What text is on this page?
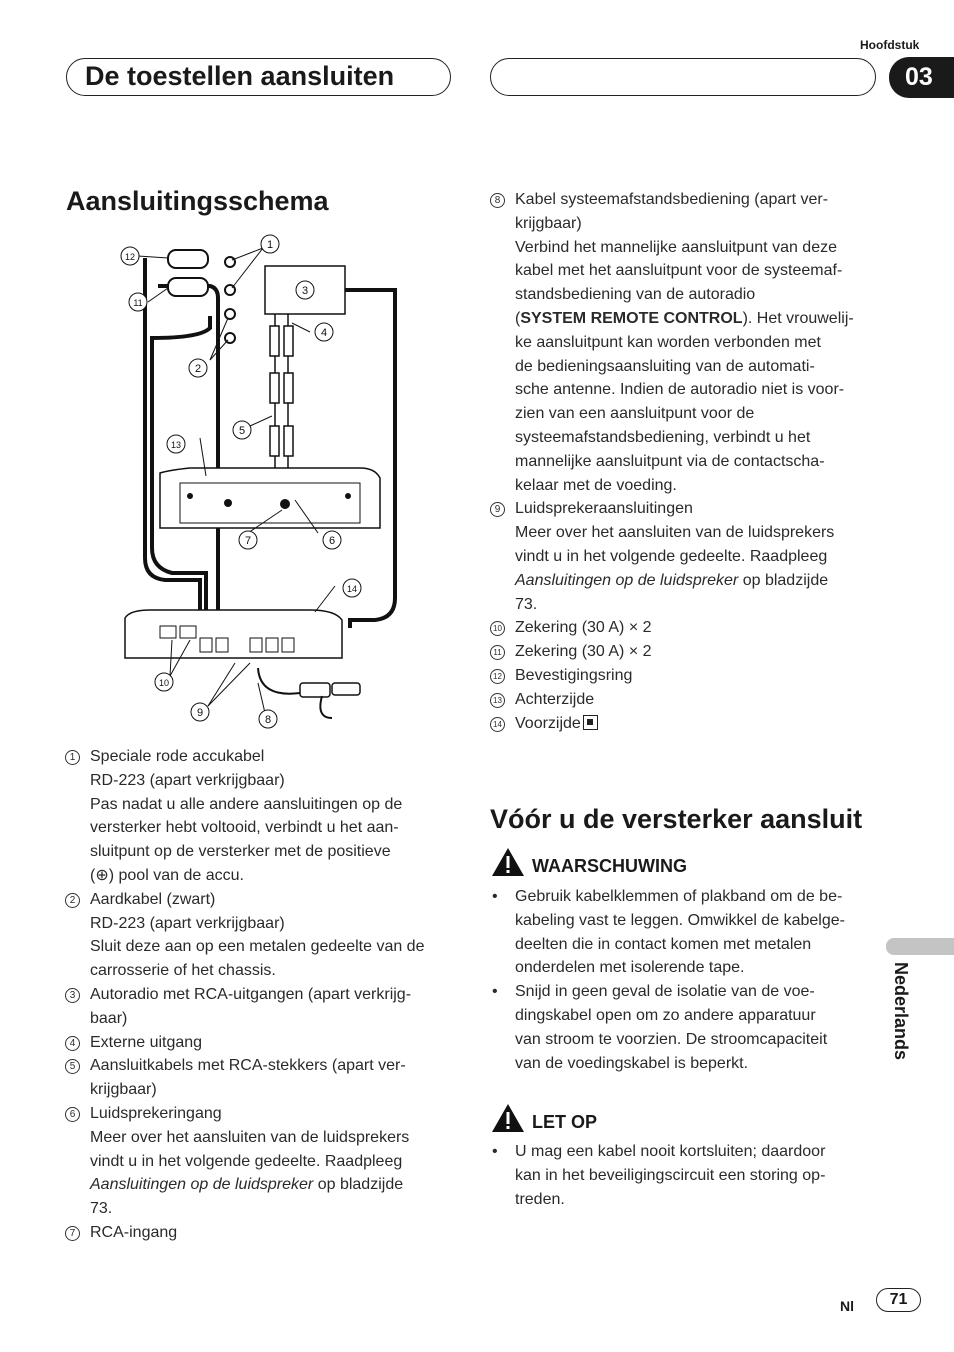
Hoofdstuk
De toestellen aansluiten	03
Aansluitingsschema
1
2
3
4
5
6
7
8
9
10
11
12
13
14
1 Speciale rode accukabel
RD-223 (apart verkrijgbaar)
Pas nadat u alle andere aansluitingen op de
versterker hebt voltooid, verbindt u het aan-
sluitpunt op de versterker met de positieve
(⊕) pool van de accu.
2 Aardkabel (zwart)
RD-223 (apart verkrijgbaar)
Sluit deze aan op een metalen gedeelte van de
carrosserie of het chassis.
3 Autoradio met RCA-uitgangen (apart verkrijg-
baar)
4 Externe uitgang
5 Aansluitkabels met RCA-stekkers (apart ver-
krijgbaar)
6 Luidsprekeringang
Meer over het aansluiten van de luidsprekers
vindt u in het volgende gedeelte. Raadpleeg
Aansluitingen op de luidspreker op bladzijde
73.
7 RCA-ingang
8 Kabel systeemafstandsbediening (apart ver-
krijgbaar)
Verbind het mannelijke aansluitpunt van deze
kabel met het aansluitpunt voor de systeemaf-
standsbediening van de autoradio
(SYSTEM REMOTE CONTROL). Het vrouwelij-
ke aansluitpunt kan worden verbonden met
de bedieningsaansluiting van de automati-
sche antenne. Indien de autoradio niet is voor-
zien van een aansluitpunt voor de
systeemafstandsbediening, verbindt u het
mannelijke aansluitpunt via de contactscha-
kelaar met de voeding.
9 Luidsprekeraansluitingen
Meer over het aansluiten van de luidsprekers
vindt u in het volgende gedeelte. Raadpleeg
Aansluitingen op de luidspreker op bladzijde
73.
10 Zekering (30 A) × 2
11 Zekering (30 A) × 2
12 Bevestigingsring
13 Achterzijde
14 Voorzijde
Vóór u de versterker aansluit
WAARSCHUWING
• Gebruik kabelklemmen of plakband om de be-
kabeling vast te leggen. Omwikkel de kabelge-
deelten die in contact komen met metalen
onderdelen met isolerende tape.
• Snijd in geen geval de isolatie van de voe-
dingskabel open om zo andere apparatuur
van stroom te voorzien. De stroomcapaciteit
van de voedingskabel is beperkt.
LET OP
• U mag een kabel nooit kortsluiten; daardoor
kan in het beveiligingscircuit een storing op-
treden.
Nederlands
Nl	71
